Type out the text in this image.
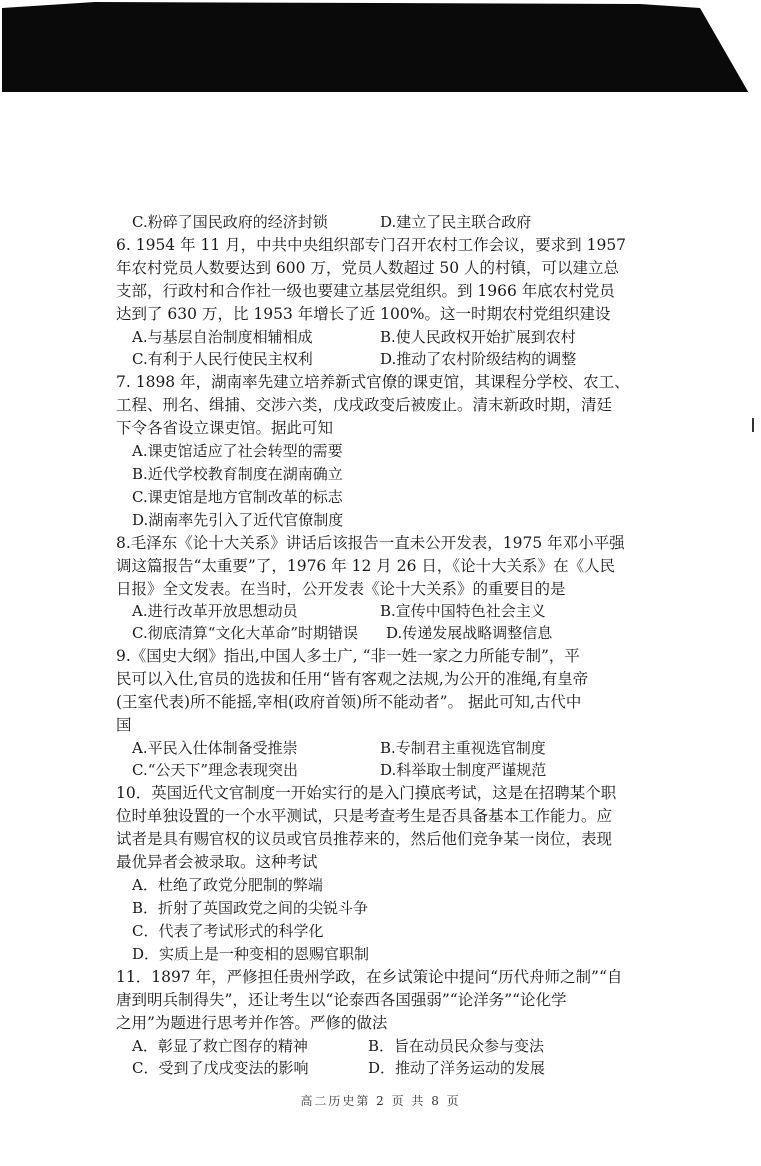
C.粉碎了国民政府的经济封锁	D.建立了民主联合政府
6. 1954 年 11 月，中共中央组织部专门召开农村工作会议，要求到 1957
年农村党员人数要达到 600 万，党员人数超过 50 人的村镇，可以建立总
支部，行政村和合作社一级也要建立基层党组织。到 1966 年底农村党员
达到了 630 万，比 1953 年增长了近 100%。这一时期农村党组织建设
A.与基层自治制度相辅相成	B.使人民政权开始扩展到农村
C.有利于人民行使民主权利	D.推动了农村阶级结构的调整
7. 1898 年，湖南率先建立培养新式官僚的课吏馆，其课程分学校、农工、
工程、刑名、缉捕、交涉六类，戊戌政变后被废止。清末新政时期，清廷
下令各省设立课吏馆。据此可知
A.课吏馆适应了社会转型的需要
B.近代学校教育制度在湖南确立
C.课吏馆是地方官制改革的标志
D.湖南率先引入了近代官僚制度
8.毛泽东《论十大关系》讲话后该报告一直未公开发表，1975 年邓小平强
调这篇报告“太重要”了，1976 年 12 月 26 日，《论十大关系》在《人民
日报》全文发表。在当时，公开发表《论十大关系》的重要目的是
A.进行改革开放思想动员	B.宣传中国特色社会主义
C.彻底清算“文化大革命”时期错误 D.传递发展战略调整信息
9.《国史大纲》指出,中国人多土广, “非一姓一家之力所能专制”，平
民可以入仕,官员的选拔和任用“皆有客观之法规,为公开的准绳,有皇帝
(王室代表)所不能摇,宰相(政府首领)所不能动者”。 据此可知,古代中
国
A.平民入仕体制备受推崇	B.专制君主重视选官制度
C.“公天下”理念表现突出	D.科举取士制度严谨规范
10．英国近代文官制度一开始实行的是入门摸底考试，这是在招聘某个职
位时单独设置的一个水平测试，只是考查考生是否具备基本工作能力。应
试者是具有赐官权的议员或官员推荐来的，然后他们竞争某一岗位，表现
最优异者会被录取。这种考试
A．杜绝了政党分肥制的弊端
B．折射了英国政党之间的尖锐斗争
C．代表了考试形式的科学化
D．实质上是一种变相的恩赐官职制
11．1897 年，严修担任贵州学政，在乡试策论中提问“历代舟师之制”“自
唐到明兵制得失”，还让考生以“论泰西各国强弱”“论洋务”“论化学
之用”为题进行思考并作答。严修的做法
A．彰显了救亡图存的精神	B．旨在动员民众参与变法
C．受到了戊戌变法的影响	D．推动了洋务运动的发展
高二历史第 2 页 共 8 页
